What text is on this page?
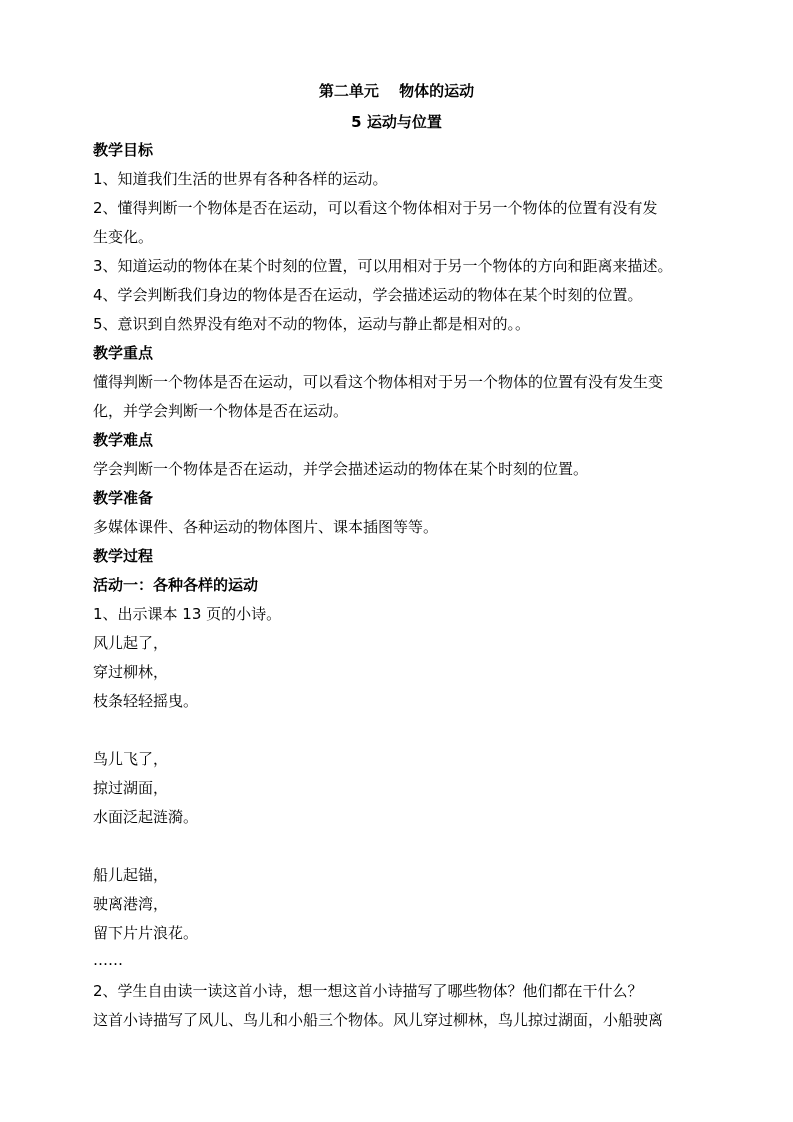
第二单元　 物体的运动
5 运动与位置
教学目标
1、知道我们生活的世界有各种各样的运动。
2、懂得判断一个物体是否在运动，可以看这个物体相对于另一个物体的位置有没有发
生变化。
3、知道运动的物体在某个时刻的位置，可以用相对于另一个物体的方向和距离来描述。
4、学会判断我们身边的物体是否在运动，学会描述运动的物体在某个时刻的位置。
5、意识到自然界没有绝对不动的物体，运动与静止都是相对的。。
教学重点
懂得判断一个物体是否在运动，可以看这个物体相对于另一个物体的位置有没有发生变
化，并学会判断一个物体是否在运动。
教学难点
学会判断一个物体是否在运动，并学会描述运动的物体在某个时刻的位置。
教学准备
多媒体课件、各种运动的物体图片、课本插图等等。
教学过程
活动一：各种各样的运动
1、出示课本 13 页的小诗。
风儿起了，
穿过柳林，
枝条轻轻摇曳。
鸟儿飞了，
掠过湖面，
水面泛起涟漪。
船儿起锚，
驶离港湾，
留下片片浪花。
……
2、学生自由读一读这首小诗，想一想这首小诗描写了哪些物体？他们都在干什么？
这首小诗描写了风儿、鸟儿和小船三个物体。风儿穿过柳林，鸟儿掠过湖面，小船驶离
